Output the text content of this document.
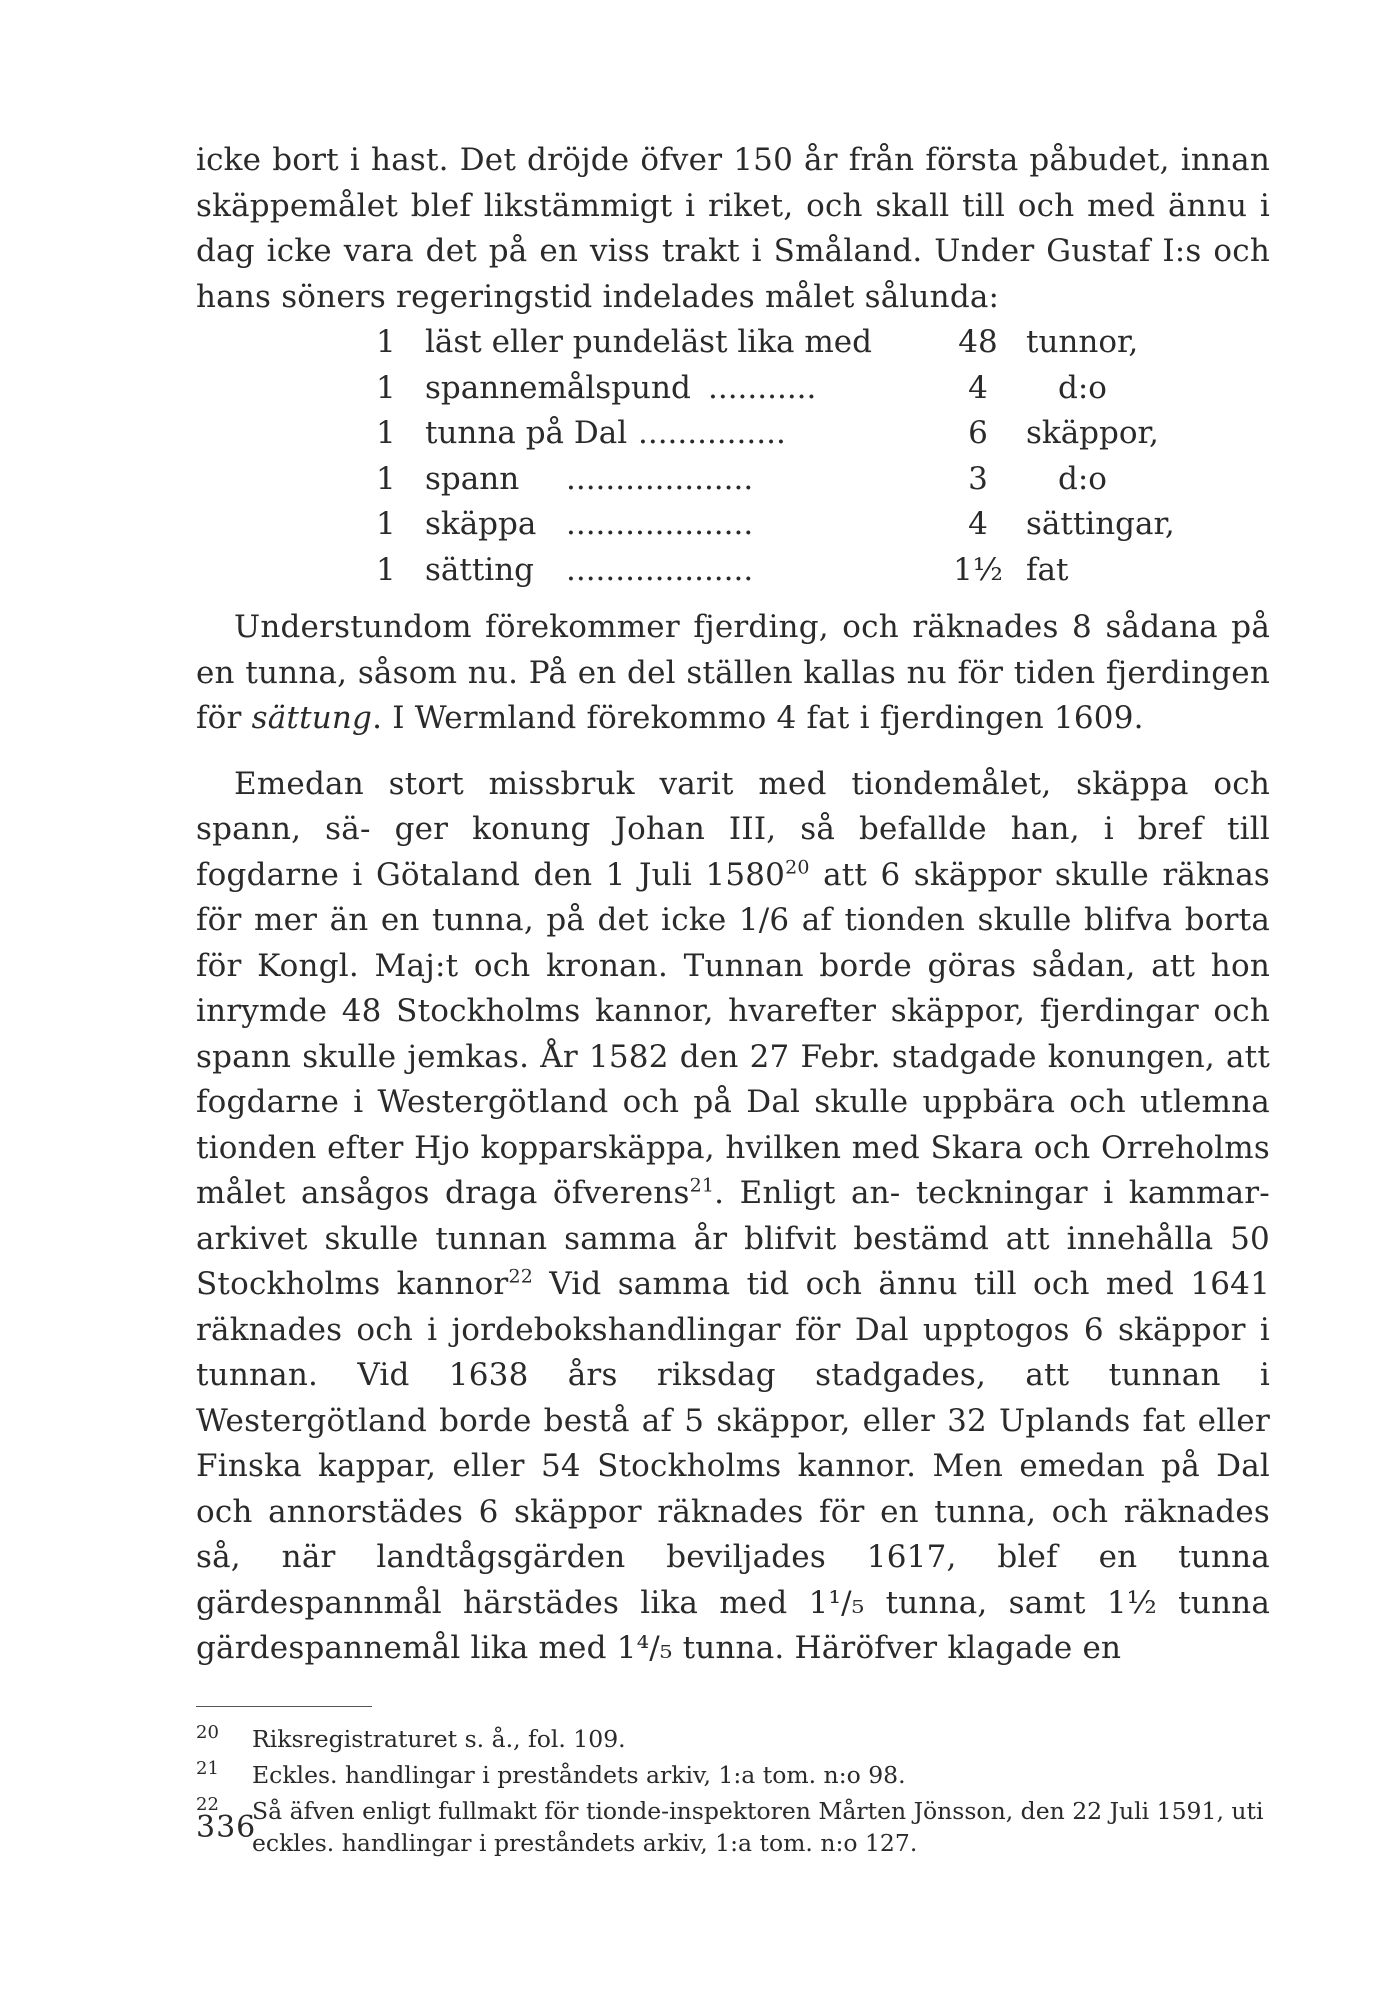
icke bort i hast. Det dröjde öfver 150 år från första påbudet, innan skäppemålet blef likstämmigt i riket, och skall till och med ännu i dag icke vara det på en viss trakt i Småland. Under Gustaf I:s och hans söners regeringstid indelades målet sålunda:

1 läst eller pundeläst lika med	48 tunnor,
1 spannemålspund ...........	4	d:o
1 tunna på Dal ...............	6	skäppor,
1 spann ...................	3	d:o
1 skäppa ...................	4	sättingar,
1 sätting ...................	1½ fat

Understundom förekommer fjerding, och räknades 8 sådana på en tunna, såsom nu. På en del ställen kallas nu för tiden fjerdingen för sättung. I Wermland förekommo 4 fat i fjerdingen 1609.

Emedan stort missbruk varit med tiondemålet, skäppa och spann, sä- ger konung Johan III, så befallde han, i bref till fogdarne i Götaland den 1 Juli 1580$^{20}$ att 6 skäppor skulle räknas för mer än en tunna, på det icke 1/6 af tionden skulle blifva borta för Kongl. Maj:t och kronan. Tunnan borde göras sådan, att hon inrymde 48 Stockholms kannor, hvarefter skäppor, fjerdingar och spann skulle jemkas. År 1582 den 27 Febr. stadgade konungen, att fogdarne i Westergötland och på Dal skulle uppbära och utlemna tionden efter Hjo kopparskäppa, hvilken med Skara och Orreholms målet ansågos draga öfverens$^{21}$. Enligt an- teckningar i kammar-arkivet skulle tunnan samma år blifvit bestämd att innehålla 50 Stockholms kannor$^{22}$ Vid samma tid och ännu till och med 1641 räknades och i jordebokshandlingar för Dal upptogos 6 skäppor i tunnan. Vid 1638 års riksdag stadgades, att tunnan i Westergötland borde bestå af 5 skäppor, eller 32 Uplands fat eller Finska kappar, eller 54 Stockholms kannor. Men emedan på Dal och annorstädes 6 skäppor räknades för en tunna, och räknades så, när landtågsgärden beviljades 1617, blef en tunna gärdespannmål härstädes lika med 1¹/₅ tunna, samt 1½ tunna gärdespannemål lika med 1⁴/₅ tunna. Häröfver klagade en

20 Riksregistraturet s. å., fol. 109.

21 Eckles. handlingar i preståndets arkiv, 1:a tom. n:o 98.

22 Så äfven enligt fullmakt för tionde-inspektoren Mårten Jönsson, den 22 Juli 1591, uti eckles. handlingar i preståndets arkiv, 1:a tom. n:o 127.

336
